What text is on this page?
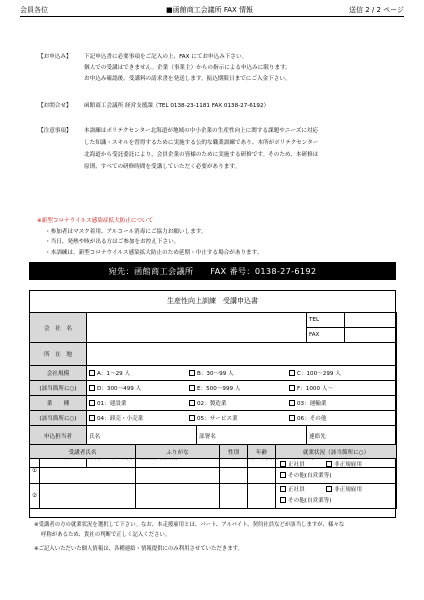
会員各位	■函館商工会議所 FAX 情報	送信 2 / 2 ページ
【お申込み】 下記申込書に必要事項をご記入の上、FAX にてお申込み下さい。
個人での受講はできません。企業（事業主）からの指示による申込みに限ります。
お申込み確認後、受講料の請求書を発送します。振込期限日までにご入金下さい。
【お問合せ】 函館商工会議所 経営支援課（TEL 0138-23-1181 FAX 0138-27-6192）
【注意事項】 本訓練はポリテクセンター北海道が地域の中小企業の生産性向上に関する課題やニーズに対応
した知識・スキルを習得するために実施する公的な職業訓練であり、本所がポリテクセンター
北海道から受託委託により、会員企業の皆様のために実施する研修です。そのため、本研修は
原則、すべての研修時間を受講していただく必要があります。
※新型コロナウイルス感染症拡大防止について
・参加者はマスク着用、アルコール消毒にご協力お願いします。
・当日、発熱や咳が出る方はご参加をお控え下さい。
・本訓練は、新型コロナウイルス感染拡大防止のため延期・中止する場合があります。
宛先：函館商工会議所　　FAX 番号：0138-27-6192
生産性向上訓練　受講申込書
会　社　名			TEL	
			FAX	
所　在　地				
会社規模	A：1～29 人 B：30～99 人 C：100～299 人			
(該当箇所に○)	D：300～499 人 E：500～999 人 F：1000 人～			
業　　種	01：建設業 02：製造業 03：運輸業			
(該当箇所に○)	04：卸売・小売業 05：サービス業 06：その他			
申込担当者	氏名	部署名	連絡先	

受講者氏名		ふりがな	性別	年齢	就業状況（該当箇所に○）
①					正社員 非正規雇用
その他(自営業等)
②					正社員 非正規雇用
その他(自営業等)
※受講者の方の就業状況を選択して下さい。なお、本走援雇用とは、パート、アルバイト、契約社員などが該当しますが、様々な
呼称があるため、貴社の判断で正しく記入ください。
※ご記入いただいた個人情報は、各種連絡・情報提供にのみ利用させていただきます。
